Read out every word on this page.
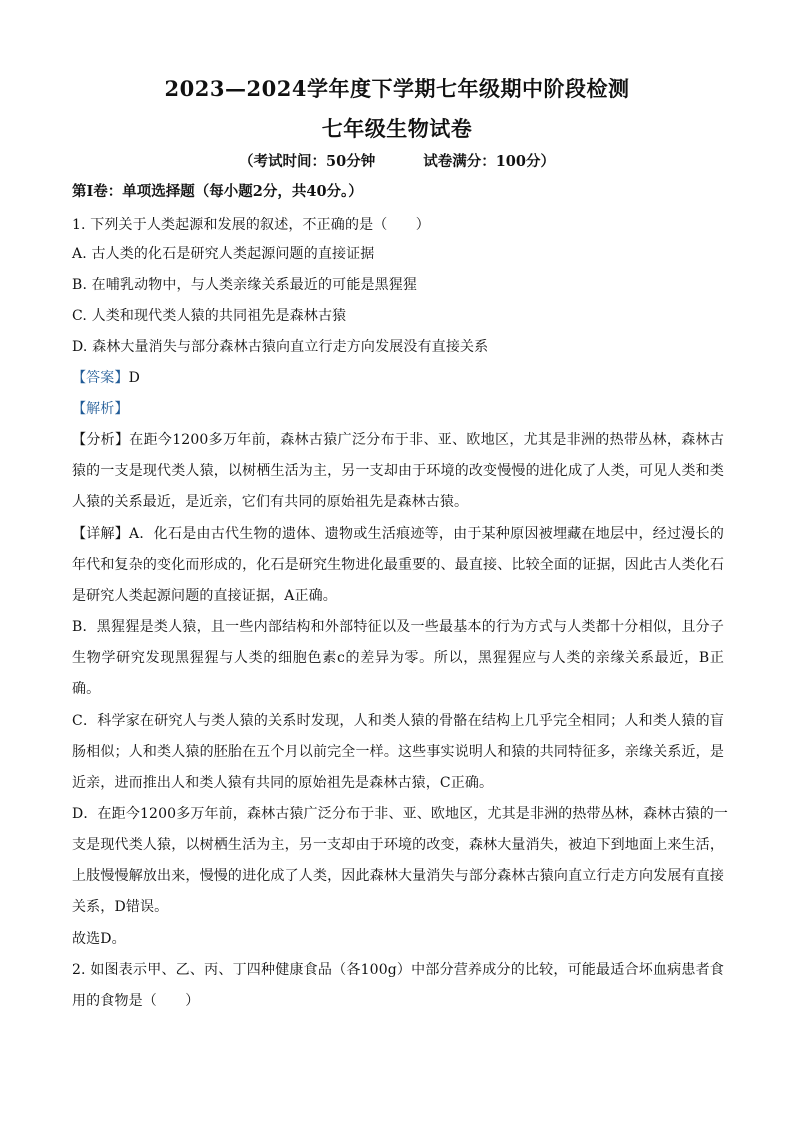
2023—2024学年度下学期七年级期中阶段检测
七年级生物试卷
（考试时间：50分钟	试卷满分：100分）
第Ⅰ卷：单项选择题（每小题2分，共40分。）
1. 下列关于人类起源和发展的叙述，不正确的是（　　）
A. 古人类的化石是研究人类起源问题的直接证据
B. 在哺乳动物中，与人类亲缘关系最近的可能是黑猩猩
C. 人类和现代类人猿的共同祖先是森林古猿
D. 森林大量消失与部分森林古猿向直立行走方向发展没有直接关系
【答案】D
【解析】
【分析】在距今1200多万年前，森林古猿广泛分布于非、亚、欧地区，尤其是非洲的热带丛林，森林古
猿的一支是现代类人猿，以树栖生活为主，另一支却由于环境的改变慢慢的进化成了人类，可见人类和类
人猿的关系最近，是近亲，它们有共同的原始祖先是森林古猿。
【详解】A．化石是由古代生物的遗体、遗物或生活痕迹等，由于某种原因被埋藏在地层中，经过漫长的
年代和复杂的变化而形成的，化石是研究生物进化最重要的、最直接、比较全面的证据，因此古人类化石
是研究人类起源问题的直接证据，A正确。
B．黑猩猩是类人猿，且一些内部结构和外部特征以及一些最基本的行为方式与人类都十分相似，且分子
生物学研究发现黑猩猩与人类的细胞色素c的差异为零。所以，黑猩猩应与人类的亲缘关系最近，B正
确。
C．科学家在研究人与类人猿的关系时发现，人和类人猿的骨骼在结构上几乎完全相同；人和类人猿的盲
肠相似；人和类人猿的胚胎在五个月以前完全一样。这些事实说明人和猿的共同特征多，亲缘关系近，是
近亲，进而推出人和类人猿有共同的原始祖先是森林古猿，C正确。
D．在距今1200多万年前，森林古猿广泛分布于非、亚、欧地区，尤其是非洲的热带丛林，森林古猿的一
支是现代类人猿，以树栖生活为主，另一支却由于环境的改变，森林大量消失，被迫下到地面上来生活，
上肢慢慢解放出来，慢慢的进化成了人类，因此森林大量消失与部分森林古猿向直立行走方向发展有直接
关系，D错误。
故选D。
2. 如图表示甲、乙、丙、丁四种健康食品（各100g）中部分营养成分的比较，可能最适合坏血病患者食
用的食物是（　　）
